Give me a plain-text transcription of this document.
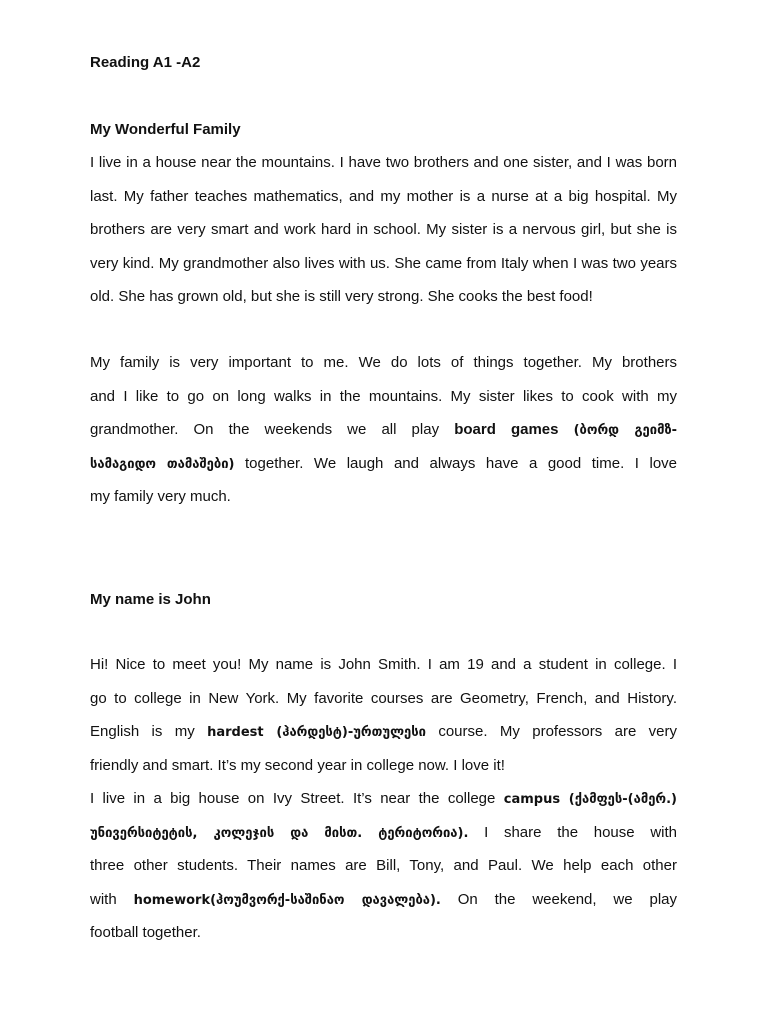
Reading A1 -A2
My Wonderful Family

I live in a house near the mountains. I have two brothers and one sister, and I was born last. My father teaches mathematics, and my mother is a nurse at a big hospital. My brothers are very smart and work hard in school. My sister is a nervous girl, but she is very kind. My grandmother also lives with us. She came from Italy when I was two years old. She has grown old, but she is still very strong. She cooks the best food!

My family is very important to me. We do lots of things together. My brothers
and I like to go on long walks in the mountains. My sister likes to cook with my
grandmother. On the weekends we all play board games (ბორდ გეიმზ-
სამაგიდო თამაშები) together. We laugh and always have a good time. I love
my family very much.
My name is John
Hi! Nice to meet you! My name is John Smith. I am 19 and a student in college. I
go to college in New York. My favorite courses are Geometry, French, and History.
English is my hardest (ჰარდესტ)-ურთულესი course. My professors are very
friendly and smart. It’s my second year in college now. I love it!
I live in a big house on Ivy Street. It’s near the college campus (ქამფეს-(ამერ.)
უნივერსიტეტის, კოლეჯის და მისთ. ტერიტორია). I share the house with
three other students. Their names are Bill, Tony, and Paul. We help each other
with homework(ჰოუმვორქ-საშინაო დავალება). On the weekend, we play
football together.
